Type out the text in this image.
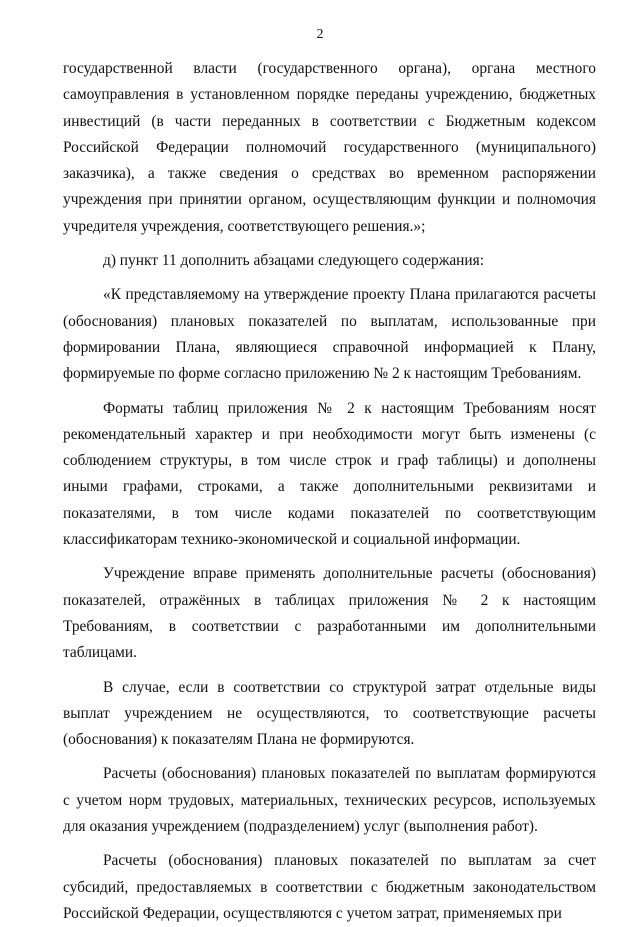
2

государственной власти (государственного органа), органа местного самоуправления в установленном порядке переданы учреждению, бюджетных инвестиций (в части переданных в соответствии с Бюджетным кодексом Российской Федерации полномочий государственного (муниципального) заказчика), а также сведения о средствах во временном распоряжении учреждения при принятии органом, осуществляющим функции и полномочия учредителя учреждения, соответствующего решения.»;

д) пункт 11 дополнить абзацами следующего содержания:

«К представляемому на утверждение проекту Плана прилагаются расчеты (обоснования) плановых показателей по выплатам, использованные при формировании Плана, являющиеся справочной информацией к Плану, формируемые по форме согласно приложению № 2 к настоящим Требованиям.

Форматы таблиц приложения № 2 к настоящим Требованиям носят рекомендательный характер и при необходимости могут быть изменены (с соблюдением структуры, в том числе строк и граф таблицы) и дополнены иными графами, строками, а также дополнительными реквизитами и показателями, в том числе кодами показателей по соответствующим классификаторам технико-экономической и социальной информации.

Учреждение вправе применять дополнительные расчеты (обоснования) показателей, отражённых в таблицах приложения № 2 к настоящим Требованиям, в соответствии с разработанными им дополнительными таблицами.

В случае, если в соответствии со структурой затрат отдельные виды выплат учреждением не осуществляются, то соответствующие расчеты (обоснования) к показателям Плана не формируются.

Расчеты (обоснования) плановых показателей по выплатам формируются с учетом норм трудовых, материальных, технических ресурсов, используемых для оказания учреждением (подразделением) услуг (выполнения работ).

Расчеты (обоснования) плановых показателей по выплатам за счет субсидий, предоставляемых в соответствии с бюджетным законодательством Российской Федерации, осуществляются с учетом затрат, применяемых при
